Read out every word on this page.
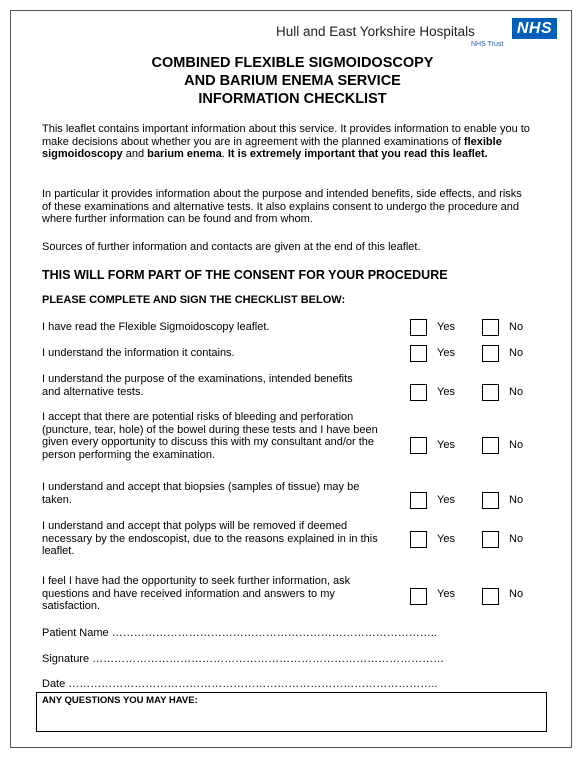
Hull and East Yorkshire Hospitals
NHS Trust
NHS
COMBINED FLEXIBLE SIGMOIDOSCOPY
AND BARIUM ENEMA SERVICE
INFORMATION CHECKLIST
This leaflet contains important information about this service. It provides information to enable you to make decisions about whether you are in agreement with the planned examinations of flexible sigmoidoscopy and barium enema. It is extremely important that you read this leaflet.
In particular it provides information about the purpose and intended benefits, side effects, and risks of these examinations and alternative tests. It also explains consent to undergo the procedure and where further information can be found and from whom.
Sources of further information and contacts are given at the end of this leaflet.
THIS WILL FORM PART OF THE CONSENT FOR YOUR PROCEDURE
PLEASE COMPLETE AND SIGN THE CHECKLIST BELOW:
I have read the Flexible Sigmoidoscopy leaflet.	Yes	No
I understand the information it contains.	Yes	No
I understand the purpose of the examinations, intended benefits and alternative tests.	Yes	No
I accept that there are potential risks of bleeding and perforation (puncture, tear, hole) of the bowel during these tests and I have been given every opportunity to discuss this with my consultant and/or the person performing the examination.
Yes	No
I understand and accept that biopsies (samples of tissue) may be taken.	Yes	No
I understand and accept that polyps will be removed if deemed necessary by the endoscopist, due to the reasons explained in in this leaflet.
Yes	No
I feel I have had the opportunity to seek further information, ask questions and have received information and answers to my satisfaction.
Yes	No
Patient Name ……………………………………………………………………………..
Signature ……………………………………………………………………………………
Date ………………………………………………………………………………………..
ANY QUESTIONS YOU MAY HAVE:
